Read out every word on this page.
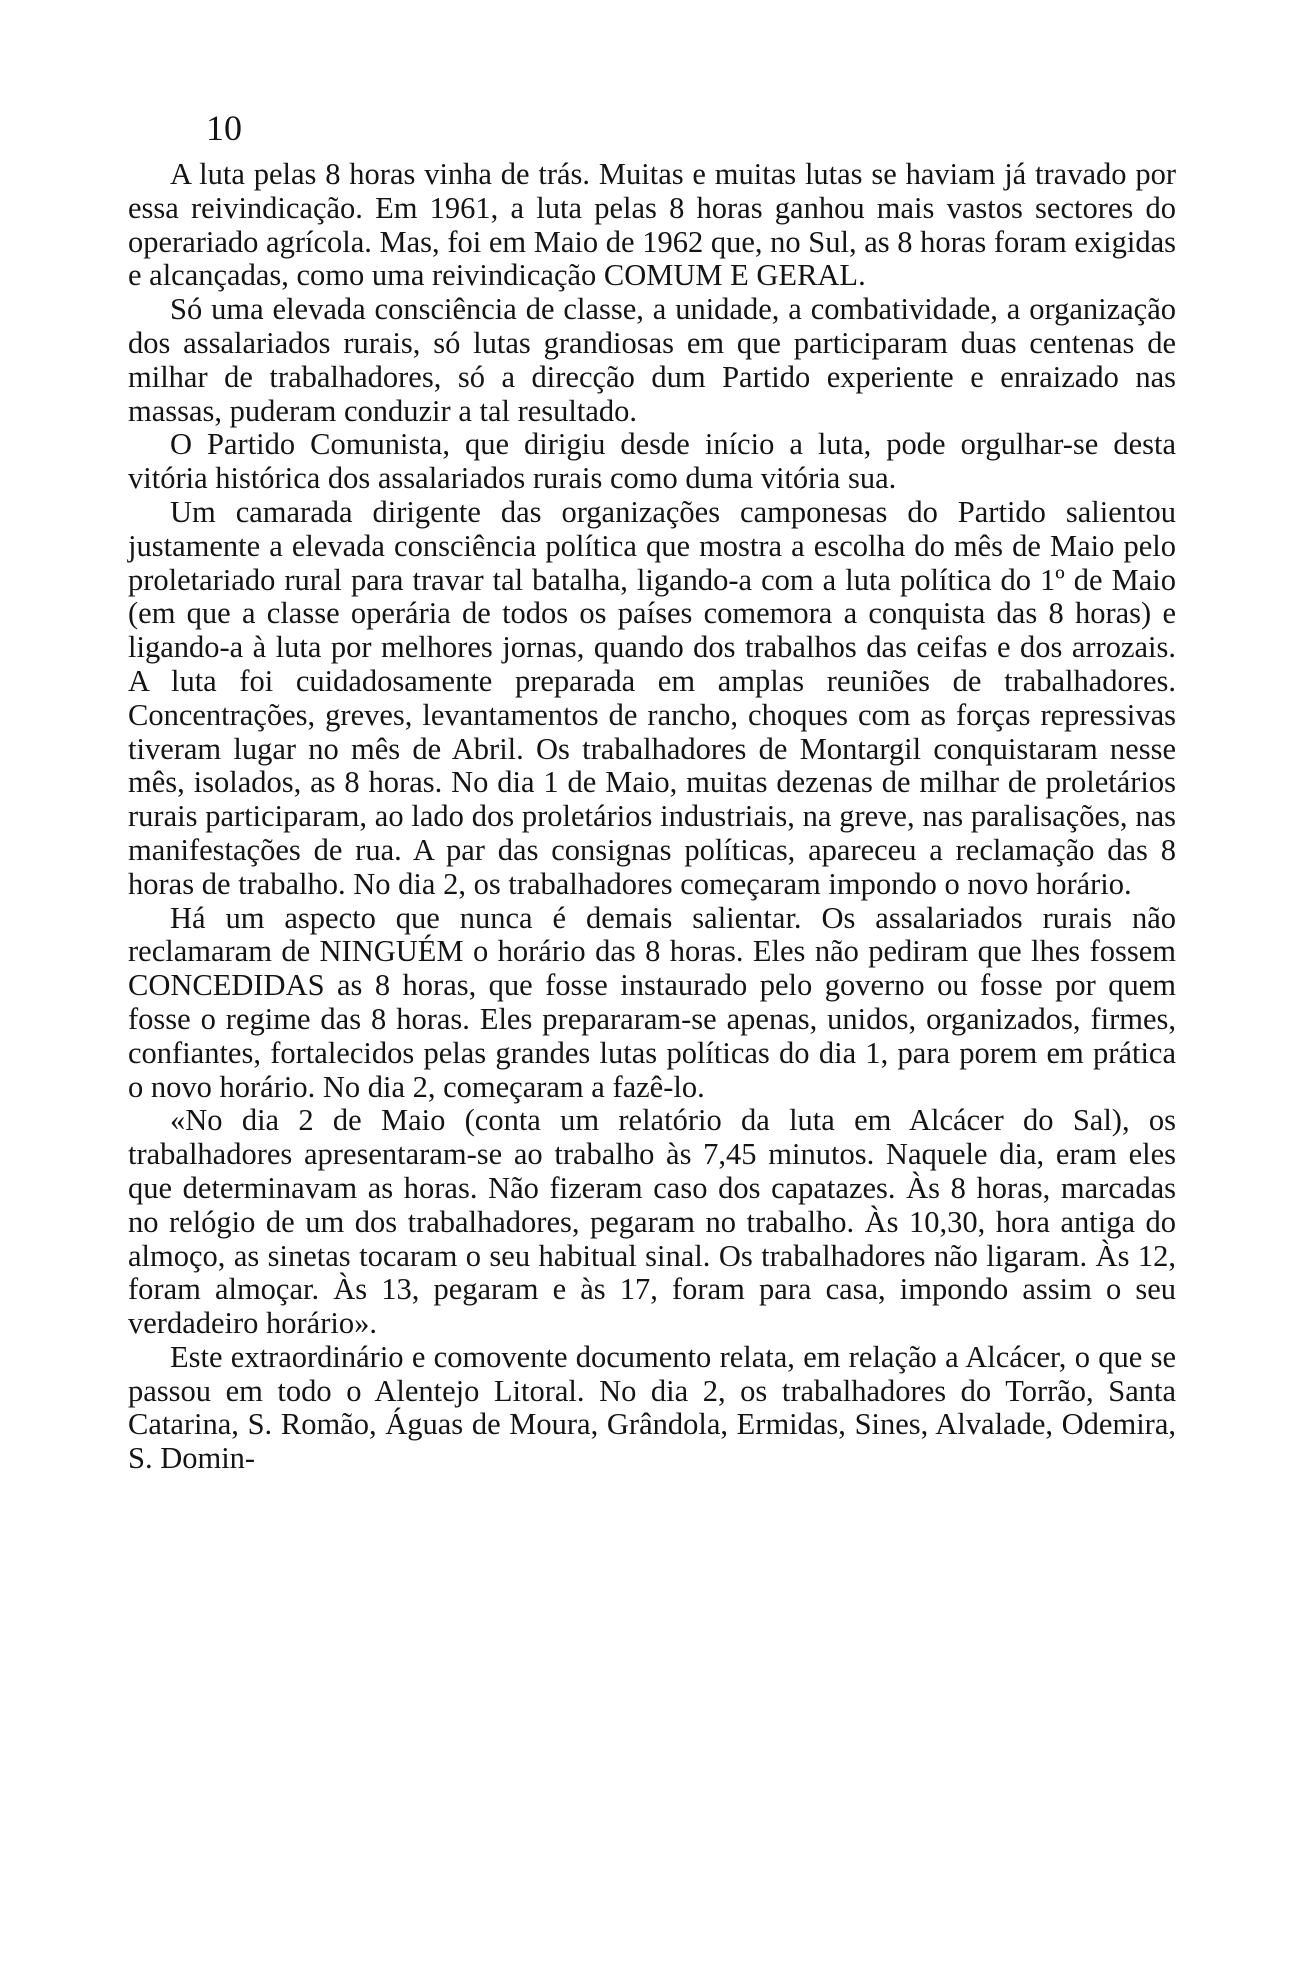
10

A luta pelas 8 horas vinha de trás. Muitas e muitas lutas se haviam já travado por essa reivindicação. Em 1961, a luta pelas 8 horas ganhou mais vastos sectores do operariado agrícola. Mas, foi em Maio de 1962 que, no Sul, as 8 horas foram exigidas e alcançadas, como uma reivindicação COMUM E GERAL.

Só uma elevada consciência de classe, a unidade, a combatividade, a organização dos assalariados rurais, só lutas grandiosas em que participaram duas centenas de milhar de trabalhadores, só a direcção dum Partido experiente e enraizado nas massas, puderam conduzir a tal resultado.

O Partido Comunista, que dirigiu desde início a luta, pode orgulhar-se desta vitória histórica dos assalariados rurais como duma vitória sua.

Um camarada dirigente das organizações camponesas do Partido salientou justamente a elevada consciência política que mostra a escolha do mês de Maio pelo proletariado rural para travar tal batalha, ligando-a com a luta política do 1º de Maio (em que a classe operária de todos os países comemora a conquista das 8 horas) e ligando-a à luta por melhores jornas, quando dos trabalhos das ceifas e dos arrozais. A luta foi cuidadosamente preparada em amplas reuniões de trabalhadores. Concentrações, greves, levantamentos de rancho, choques com as forças repressivas tiveram lugar no mês de Abril. Os trabalhadores de Montargil conquistaram nesse mês, isolados, as 8 horas. No dia 1 de Maio, muitas dezenas de milhar de proletários rurais participaram, ao lado dos proletários industriais, na greve, nas paralisações, nas manifestações de rua. A par das consignas políticas, apareceu a reclamação das 8 horas de trabalho. No dia 2, os trabalhadores começaram impondo o novo horário.

Há um aspecto que nunca é demais salientar. Os assalariados rurais não reclamaram de NINGUÉM o horário das 8 horas. Eles não pediram que lhes fossem CONCEDIDAS as 8 horas, que fosse instaurado pelo governo ou fosse por quem fosse o regime das 8 horas. Eles prepararam-se apenas, unidos, organizados, firmes, confiantes, fortalecidos pelas grandes lutas políticas do dia 1, para porem em prática o novo horário. No dia 2, começaram a fazê-lo.

«No dia 2 de Maio (conta um relatório da luta em Alcácer do Sal), os trabalhadores apresentaram-se ao trabalho às 7,45 minutos. Naquele dia, eram eles que determinavam as horas. Não fizeram caso dos capatazes. Às 8 horas, marcadas no relógio de um dos trabalhadores, pegaram no trabalho. Às 10,30, hora antiga do almoço, as sinetas tocaram o seu habitual sinal. Os trabalhadores não ligaram. Às 12, foram almoçar. Às 13, pegaram e às 17, foram para casa, impondo assim o seu verdadeiro horário».

Este extraordinário e comovente documento relata, em relação a Alcácer, o que se passou em todo o Alentejo Litoral. No dia 2, os trabalhadores do Torrão, Santa Catarina, S. Romão, Águas de Moura, Grândola, Ermidas, Sines, Alvalade, Odemira, S. Domin-
